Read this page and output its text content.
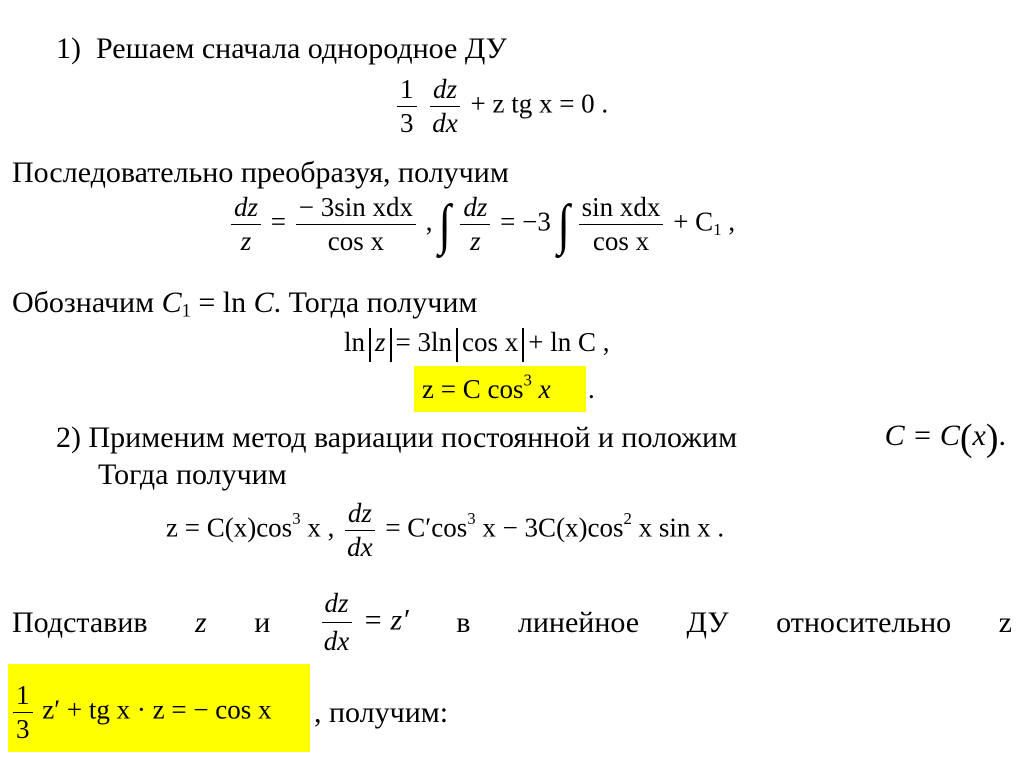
1) Решаем сначала однородное ДУ
$\frac{1}{3}$
$\frac{dz}{dx} + z$ tg x = 0 .
Последовательно преобразуя, получим
$\frac{dz}{z} = \frac{\text{− 3sin xdx}}{\text{cos x}}$ , ∫ $\frac{dz}{z} = -3$ ∫ $\frac{\text{sin xdx}}{\text{cos x}} + C_1$ ,
Обозначим $C_1 = \ln C$. Тогда получим
ln z = 3ln cos x + ln C ,
z = C $\cos^3 x$ .
2) Применим метод вариации постоянной и положим	C = C(x).
Тогда получим
$z = C(x)\cos^3$ x , $\frac{dz}{dx} = C'\cos^3$ $x - 3C(x)\cos^2$ x sin x .
Подставив z и $\frac{dz}{dx} = z'$ в линейное ДУ относительно z
$\frac{1}{3} z'$ + tg x · z = − cos x , получим:
